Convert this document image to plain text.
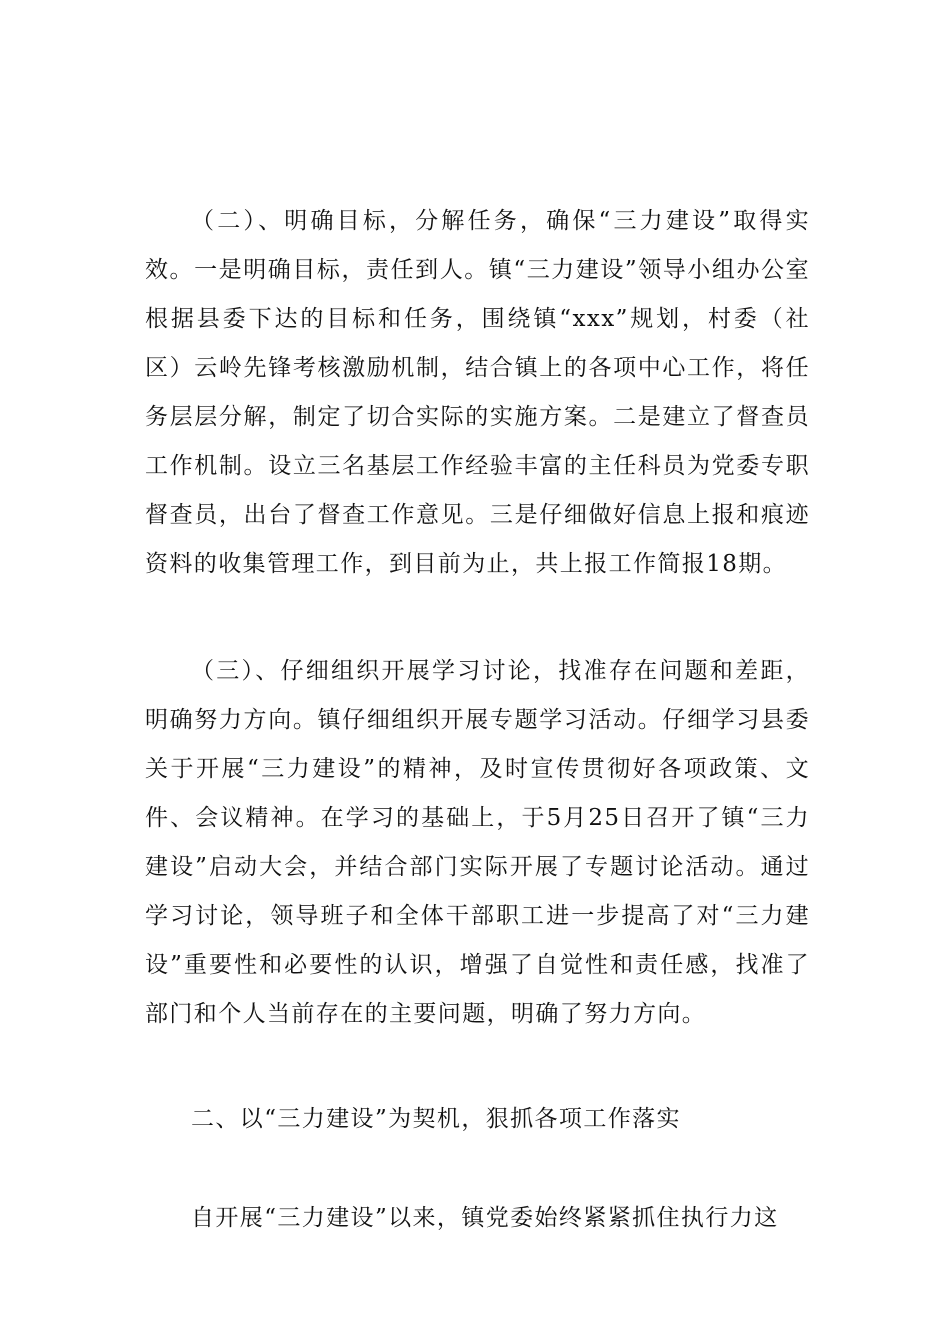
（二）、明确目标，分解任务，确保“三力建设”取得实效。一是明确目标，责任到人。镇“三力建设”领导小组办公室根据县委下达的目标和任务，围绕镇“xxx”规划，村委（社区）云岭先锋考核激励机制，结合镇上的各项中心工作，将任务层层分解，制定了切合实际的实施方案。二是建立了督查员工作机制。设立三名基层工作经验丰富的主任科员为党委专职督查员，出台了督查工作意见。三是仔细做好信息上报和痕迹资料的收集管理工作，到目前为止，共上报工作简报18期。

（三）、仔细组织开展学习讨论，找准存在问题和差距，明确努力方向。镇仔细组织开展专题学习活动。仔细学习县委关于开展“三力建设”的精神，及时宣传贯彻好各项政策、文件、会议精神。在学习的基础上，于5月25日召开了镇“三力建设”启动大会，并结合部门实际开展了专题讨论活动。通过学习讨论，领导班子和全体干部职工进一步提高了对“三力建设”重要性和必要性的认识，增强了自觉性和责任感，找准了部门和个人当前存在的主要问题，明确了努力方向。

二、以“三力建设”为契机，狠抓各项工作落实

自开展“三力建设”以来，镇党委始终紧紧抓住执行力这
